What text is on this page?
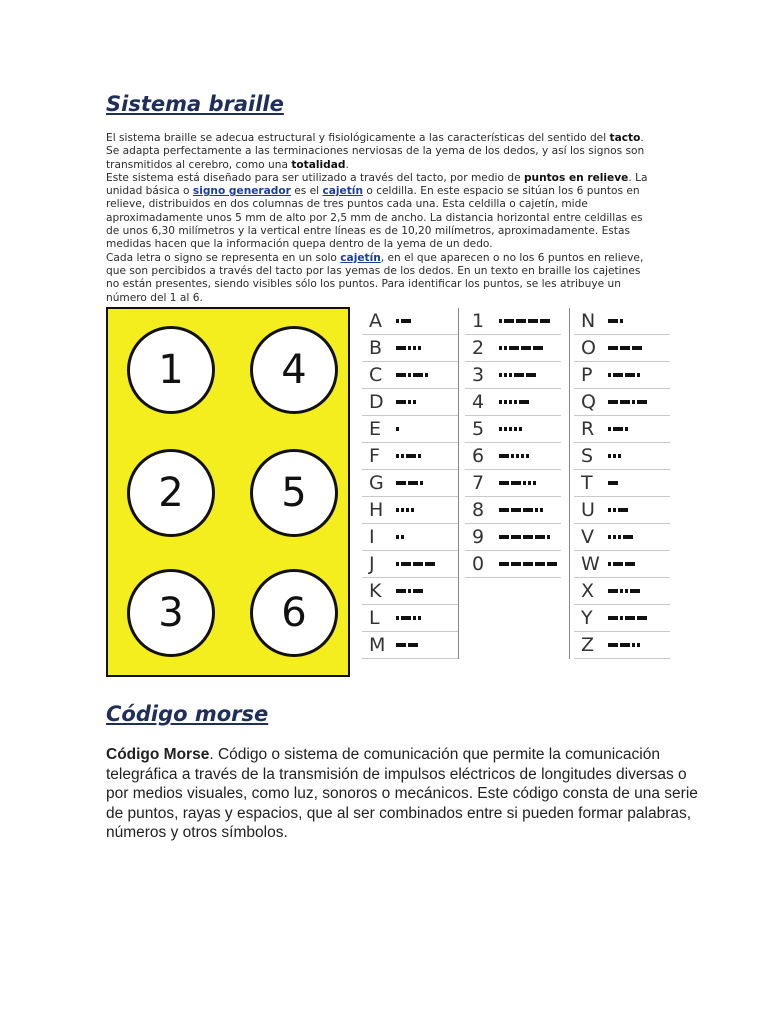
Sistema braille

El sistema braille se adecua estructural y fisiológicamente a las características del sentido del tacto.
Se adapta perfectamente a las terminaciones nerviosas de la yema de los dedos, y así los signos son
transmitidos al cerebro, como una totalidad.
Este sistema está diseñado para ser utilizado a través del tacto, por medio de puntos en relieve. La
unidad básica o signo generador es el cajetín o celdilla. En este espacio se sitúan los 6 puntos en
relieve, distribuidos en dos columnas de tres puntos cada una. Esta celdilla o cajetín, mide
aproximadamente unos 5 mm de alto por 2,5 mm de ancho. La distancia horizontal entre celdillas es
de unos 6,30 milímetros y la vertical entre líneas es de 10,20 milímetros, aproximadamente. Estas
medidas hacen que la información quepa dentro de la yema de un dedo.
Cada letra o signo se representa en un solo cajetín, en el que aparecen o no los 6 puntos en relieve,
que son percibidos a través del tacto por las yemas de los dedos. En un texto en braille los cajetines
no están presentes, siendo visibles sólo los puntos. Para identificar los puntos, se les atribuye un
número del 1 al 6.

1
2
3
4
5
6
A
B
C
D
E
F
G
H
I
J
K
L
M
1
2
3
4
5
6
7
8
9
0
N
O
P
Q
R
S
T
U
V
W
X
Y
Z
Código morse

Código Morse. Código o sistema de comunicación que permite la comunicación
telegráfica a través de la transmisión de impulsos eléctricos de longitudes diversas o
por medios visuales, como luz, sonoros o mecánicos. Este código consta de una serie
de puntos, rayas y espacios, que al ser combinados entre si pueden formar palabras,
números y otros símbolos.
